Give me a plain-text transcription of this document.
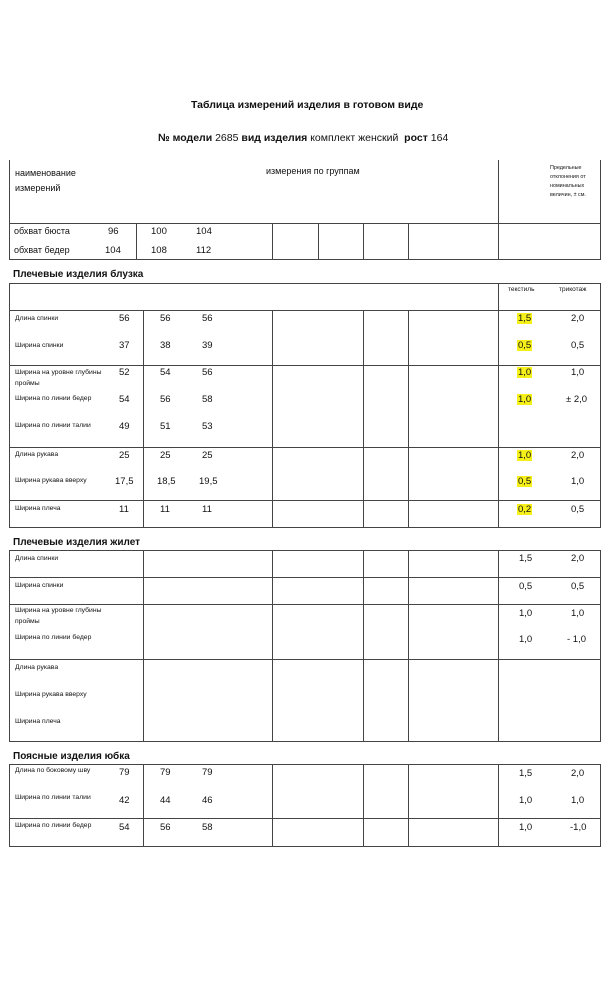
Таблица измерений изделия в готовом виде
№ модели 2685 вид изделия комплект женский рост 164
наименование измерений
измерения по группам	Предельные отклонения от номинальных величин, ± см.
обхват бюста	96	100	104
обхват бедер	104	108	112
Плечевые изделия блузка
текстиль	трикотаж
Длина спинки	56	56	56	1,5	2,0
Ширина спинки	37	38	39	0,5	0,5
Ширина на уровне глубины проймы
52	54	56	1,0	1,0
Ширина по линии бедер	54	56	58	1,0	± 2,0
Ширина по линии талии	49	51	53
Длина рукава	25	25	25	1,0	2,0
Ширина рукава вверху	17,5 18,5 19,5	0,5	1,0
Ширина плеча	11	11	11	0,2	0,5
Плечевые изделия жилет
Длина спинки	1,5	2,0
Ширина спинки	0,5	0,5
Ширина на уровне глубины проймы
1,0	1,0
Ширина по линии бедер	1,0	- 1,0
Длина рукава
Ширина рукава вверху
Ширина плеча
Поясные изделия юбка
Длина по боковому шву	79	79	79	1,5	2,0
Ширина по линии талии	42	44	46	1,0	1,0
Ширина по линии бедер	54	56	58	1,0	-1,0
